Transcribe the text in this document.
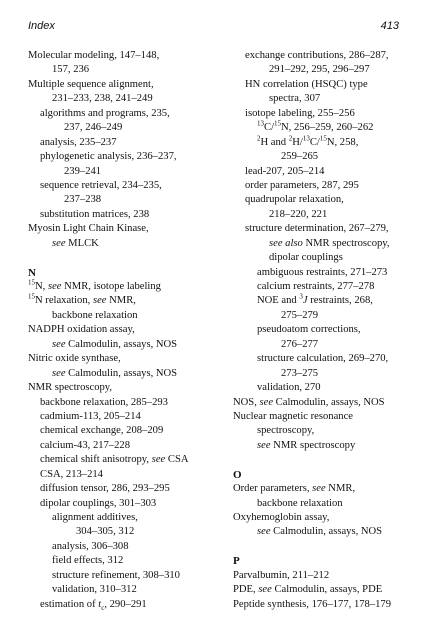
Index	413
Molecular modeling, 147–148,
157, 236
Multiple sequence alignment,
231–233, 238, 241–249
algorithms and programs, 235,
237, 246–249
analysis, 235–237
phylogenetic analysis, 236–237,
239–241
sequence retrieval, 234–235,
237–238
substitution matrices, 238
Myosin Light Chain Kinase,
see MLCK
N
$^{15}$N, see NMR, isotope labeling
$^{15}$N relaxation, see NMR,
backbone relaxation
NADPH oxidation assay,
see Calmodulin, assays, NOS
Nitric oxide synthase,
see Calmodulin, assays, NOS
NMR spectroscopy,
backbone relaxation, 285–293
cadmium-113, 205–214
chemical exchange, 208–209
calcium-43, 217–228
chemical shift anisotropy, see CSA
CSA, 213–214
diffusion tensor, 286, 293–295
dipolar couplings, 301–303
alignment additives,
304–305, 312
analysis, 306–308
field effects, 312
structure refinement, 308–310
validation, 310–312
estimation of $t_c$, 290–291
exchange contributions, 286–287,
291–292, 295, 296–297
HN correlation (HSQC) type
spectra, 307
isotope labeling, 255–256
$^{13}$C/$^{15}$N, 256–259, 260–262
$^2$H and $^2$H/$^{13}$C/$^{15}$N, 258,
259–265
lead-207, 205–214
order parameters, 287, 295
quadrupolar relaxation,
218–220, 221
structure determination, 267–279,
see also NMR spectroscopy,
dipolar couplings
ambiguous restraints, 271–273
calcium restraints, 277–278
NOE and $^3$J restraints, 268,
275–279
pseudoatom corrections,
276–277
structure calculation, 269–270,
273–275
validation, 270
NOS, see Calmodulin, assays, NOS
Nuclear magnetic resonance
spectroscopy,
see NMR spectroscopy
O
Order parameters, see NMR,
backbone relaxation
Oxyhemoglobin assay,
see Calmodulin, assays, NOS
P
Parvalbumin, 211–212
PDE, see Calmodulin, assays, PDE
Peptide synthesis, 176–177, 178–179
